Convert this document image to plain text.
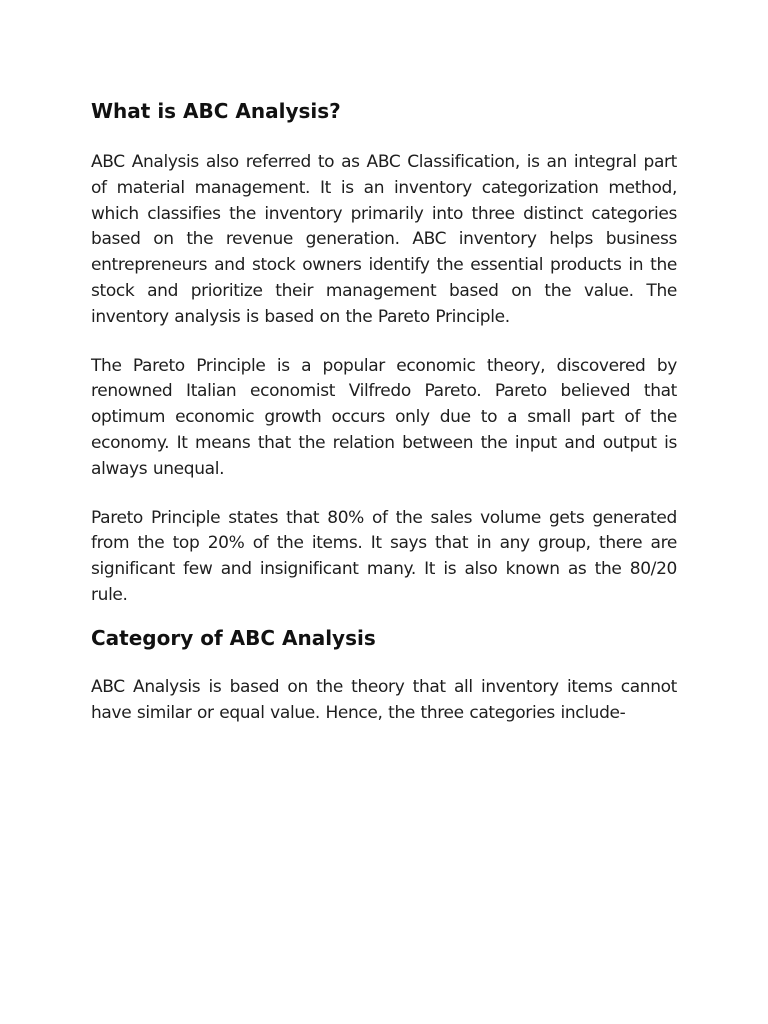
What is ABC Analysis?

ABC Analysis also referred to as ABC Classification, is an integral part of material management. It is an inventory categorization method, which classifies the inventory primarily into three distinct categories based on the revenue generation. ABC inventory helps business entrepreneurs and stock owners identify the essential products in the stock and prioritize their management based on the value. The inventory analysis is based on the Pareto Principle.

The Pareto Principle is a popular economic theory, discovered by renowned Italian economist Vilfredo Pareto. Pareto believed that optimum economic growth occurs only due to a small part of the economy. It means that the relation between the input and output is always unequal.

Pareto Principle states that 80% of the sales volume gets generated from the top 20% of the items. It says that in any group, there are significant few and insignificant many. It is also known as the 80/20 rule.

Category of ABC Analysis

ABC Analysis is based on the theory that all inventory items cannot have similar or equal value. Hence, the three categories include-
